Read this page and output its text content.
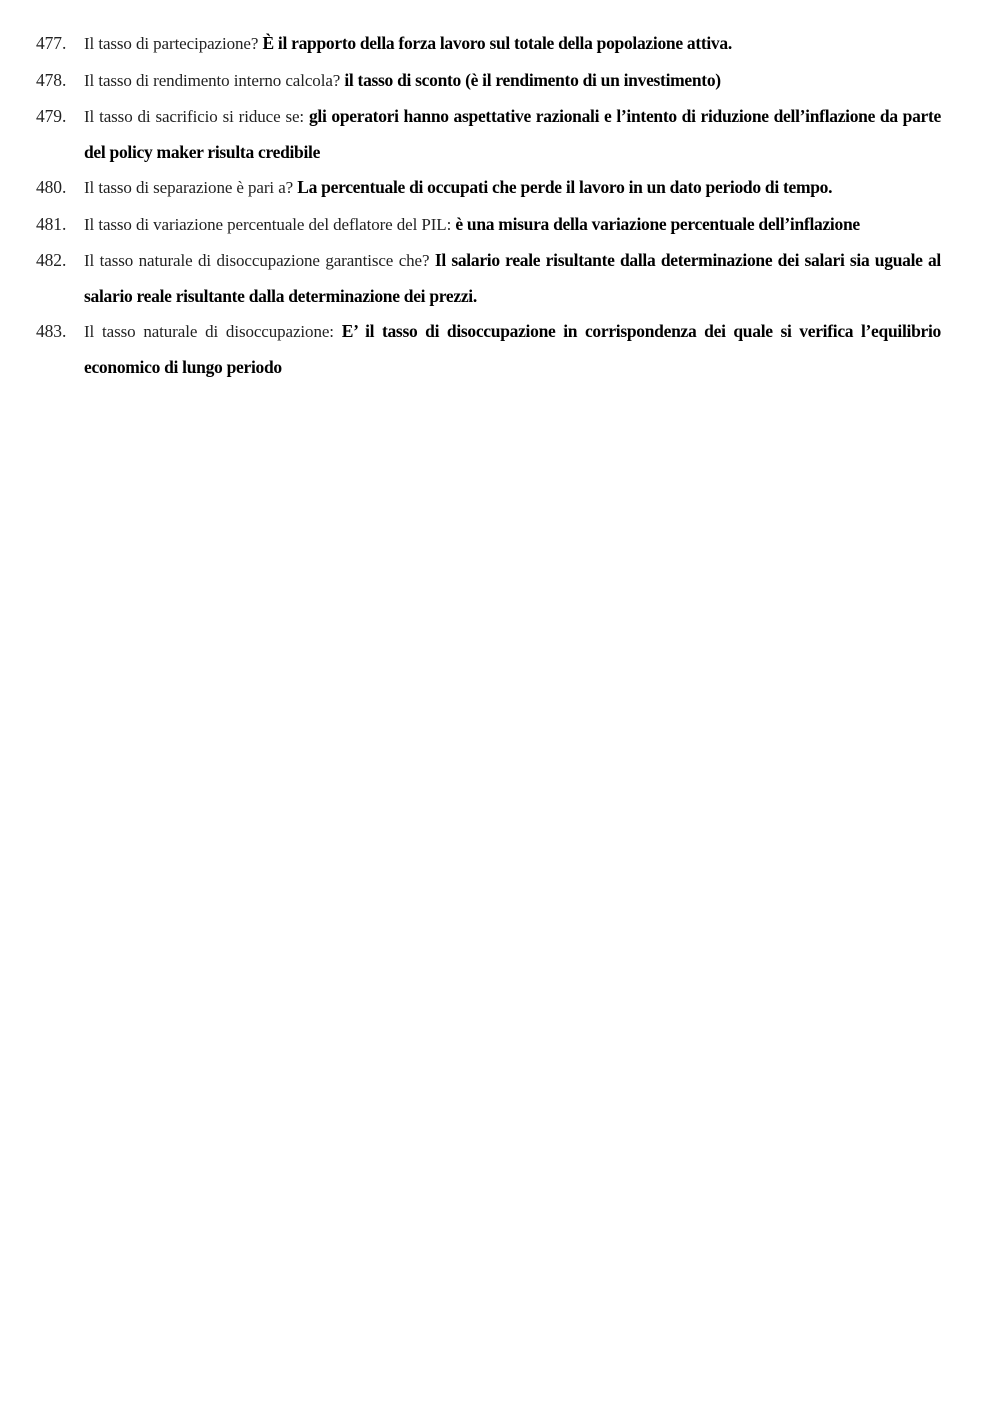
477. Il tasso di partecipazione? È il rapporto della forza lavoro sul totale della popolazione attiva.
478. Il tasso di rendimento interno calcola? il tasso di sconto (è il rendimento di un investimento)
479. Il tasso di sacrificio si riduce se: gli operatori hanno aspettative razionali e l’intento di riduzione dell’inflazione da parte del policy maker risulta credibile
480. Il tasso di separazione è pari a? La percentuale di occupati che perde il lavoro in un dato periodo di tempo.
481. Il tasso di variazione percentuale del deflatore del PIL: è una misura della variazione percentuale dell’inflazione
482. Il tasso naturale di disoccupazione garantisce che? Il salario reale risultante dalla determinazione dei salari sia uguale al salario reale risultante dalla determinazione dei prezzi.
483. Il tasso naturale di disoccupazione: E’ il tasso di disoccupazione in corrispondenza dei quale si verifica l’equilibrio economico di lungo periodo
